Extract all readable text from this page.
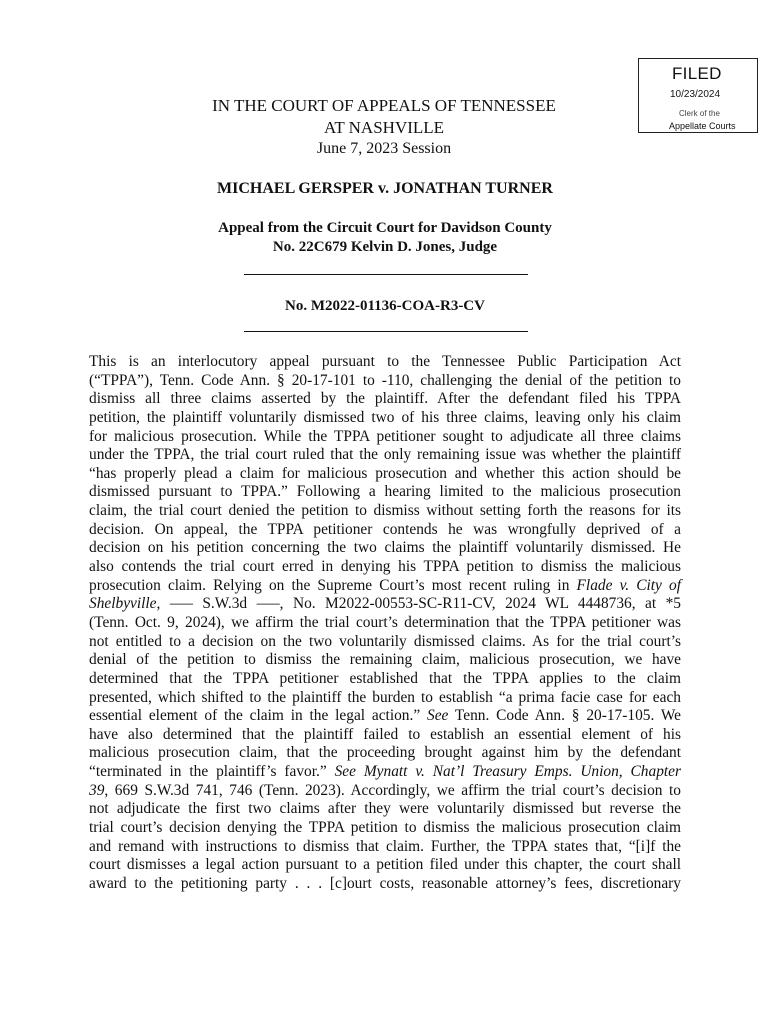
FILED
10/23/2024
Clerk of the
Appellate Courts
IN THE COURT OF APPEALS OF TENNESSEE
AT NASHVILLE
June 7, 2023 Session
MICHAEL GERSPER v. JONATHAN TURNER
Appeal from the Circuit Court for Davidson County
No. 22C679 Kelvin D. Jones, Judge
No. M2022-01136-COA-R3-CV
This is an interlocutory appeal pursuant to the Tennessee Public Participation Act
(“TPPA”), Tenn. Code Ann. § 20-17-101 to -110, challenging the denial of the petition to
dismiss all three claims asserted by the plaintiff. After the defendant filed his TPPA
petition, the plaintiff voluntarily dismissed two of his three claims, leaving only his claim
for malicious prosecution. While the TPPA petitioner sought to adjudicate all three claims
under the TPPA, the trial court ruled that the only remaining issue was whether the plaintiff
“has properly plead a claim for malicious prosecution and whether this action should be
dismissed pursuant to TPPA.” Following a hearing limited to the malicious prosecution
claim, the trial court denied the petition to dismiss without setting forth the reasons for its
decision. On appeal, the TPPA petitioner contends he was wrongfully deprived of a
decision on his petition concerning the two claims the plaintiff voluntarily dismissed. He
also contends the trial court erred in denying his TPPA petition to dismiss the malicious
prosecution claim. Relying on the Supreme Court’s most recent ruling in Flade v. City of
Shelbyville, ––– S.W.3d –––, No. M2022-00553-SC-R11-CV, 2024 WL 4448736, at *5
(Tenn. Oct. 9, 2024), we affirm the trial court’s determination that the TPPA petitioner was
not entitled to a decision on the two voluntarily dismissed claims. As for the trial court’s
denial of the petition to dismiss the remaining claim, malicious prosecution, we have
determined that the TPPA petitioner established that the TPPA applies to the claim
presented, which shifted to the plaintiff the burden to establish “a prima facie case for each
essential element of the claim in the legal action.” See Tenn. Code Ann. § 20-17-105. We
have also determined that the plaintiff failed to establish an essential element of his
malicious prosecution claim, that the proceeding brought against him by the defendant
“terminated in the plaintiff’s favor.” See Mynatt v. Nat’l Treasury Emps. Union, Chapter
39, 669 S.W.3d 741, 746 (Tenn. 2023). Accordingly, we affirm the trial court’s decision to
not adjudicate the first two claims after they were voluntarily dismissed but reverse the
trial court’s decision denying the TPPA petition to dismiss the malicious prosecution claim
and remand with instructions to dismiss that claim. Further, the TPPA states that, “[i]f the
court dismisses a legal action pursuant to a petition filed under this chapter, the court shall
award to the petitioning party . . . [c]ourt costs, reasonable attorney’s fees, discretionary
